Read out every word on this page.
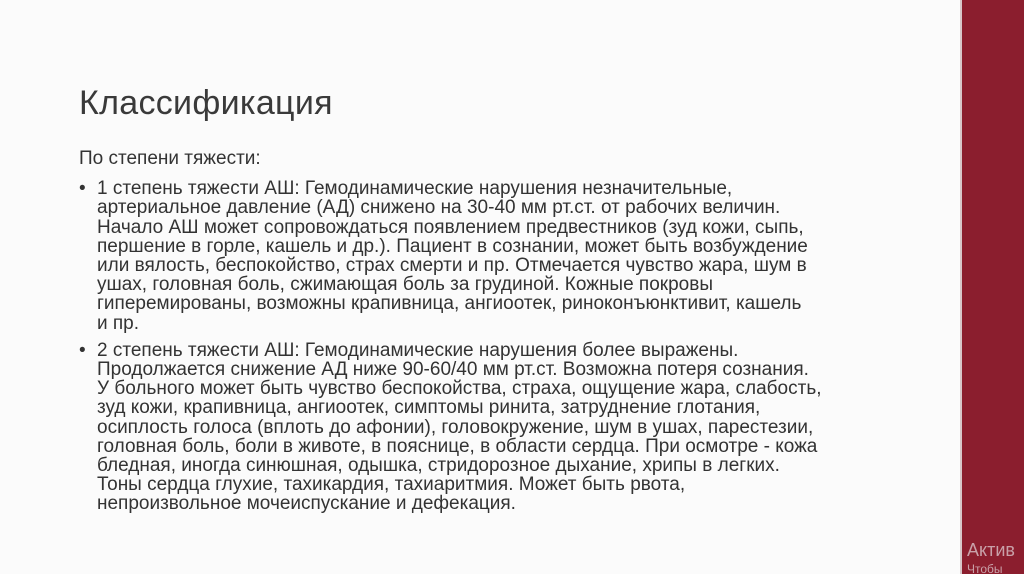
Классификация

По степени тяжести:

• 1 степень тяжести АШ: Гемодинамические нарушения незначительные,
артериальное давление (АД) снижено на 30-40 мм рт.ст. от рабочих величин.
Начало АШ может сопровождаться появлением предвестников (зуд кожи, сыпь,
першение в горле, кашель и др.). Пациент в сознании, может быть возбуждение
или вялость, беспокойство, страх смерти и пр. Отмечается чувство жара, шум в
ушах, головная боль, сжимающая боль за грудиной. Кожные покровы
гиперемированы, возможны крапивница, ангиоотек, риноконъюнктивит, кашель
и пр.
• 2 степень тяжести АШ: Гемодинамические нарушения более выражены.
Продолжается снижение АД ниже 90-60/40 мм рт.ст. Возможна потеря сознания.
У больного может быть чувство беспокойства, страха, ощущение жара, слабость,
зуд кожи, крапивница, ангиоотек, симптомы ринита, затруднение глотания,
осиплость голоса (вплоть до афонии), головокружение, шум в ушах, парестезии,
головная боль, боли в животе, в пояснице, в области сердца. При осмотре - кожа
бледная, иногда синюшная, одышка, стридорозное дыхание, хрипы в легких.
Тоны сердца глухие, тахикардия, тахиаритмия. Может быть рвота,
непроизвольное мочеиспускание и дефекация.
Актив
Чтобы
